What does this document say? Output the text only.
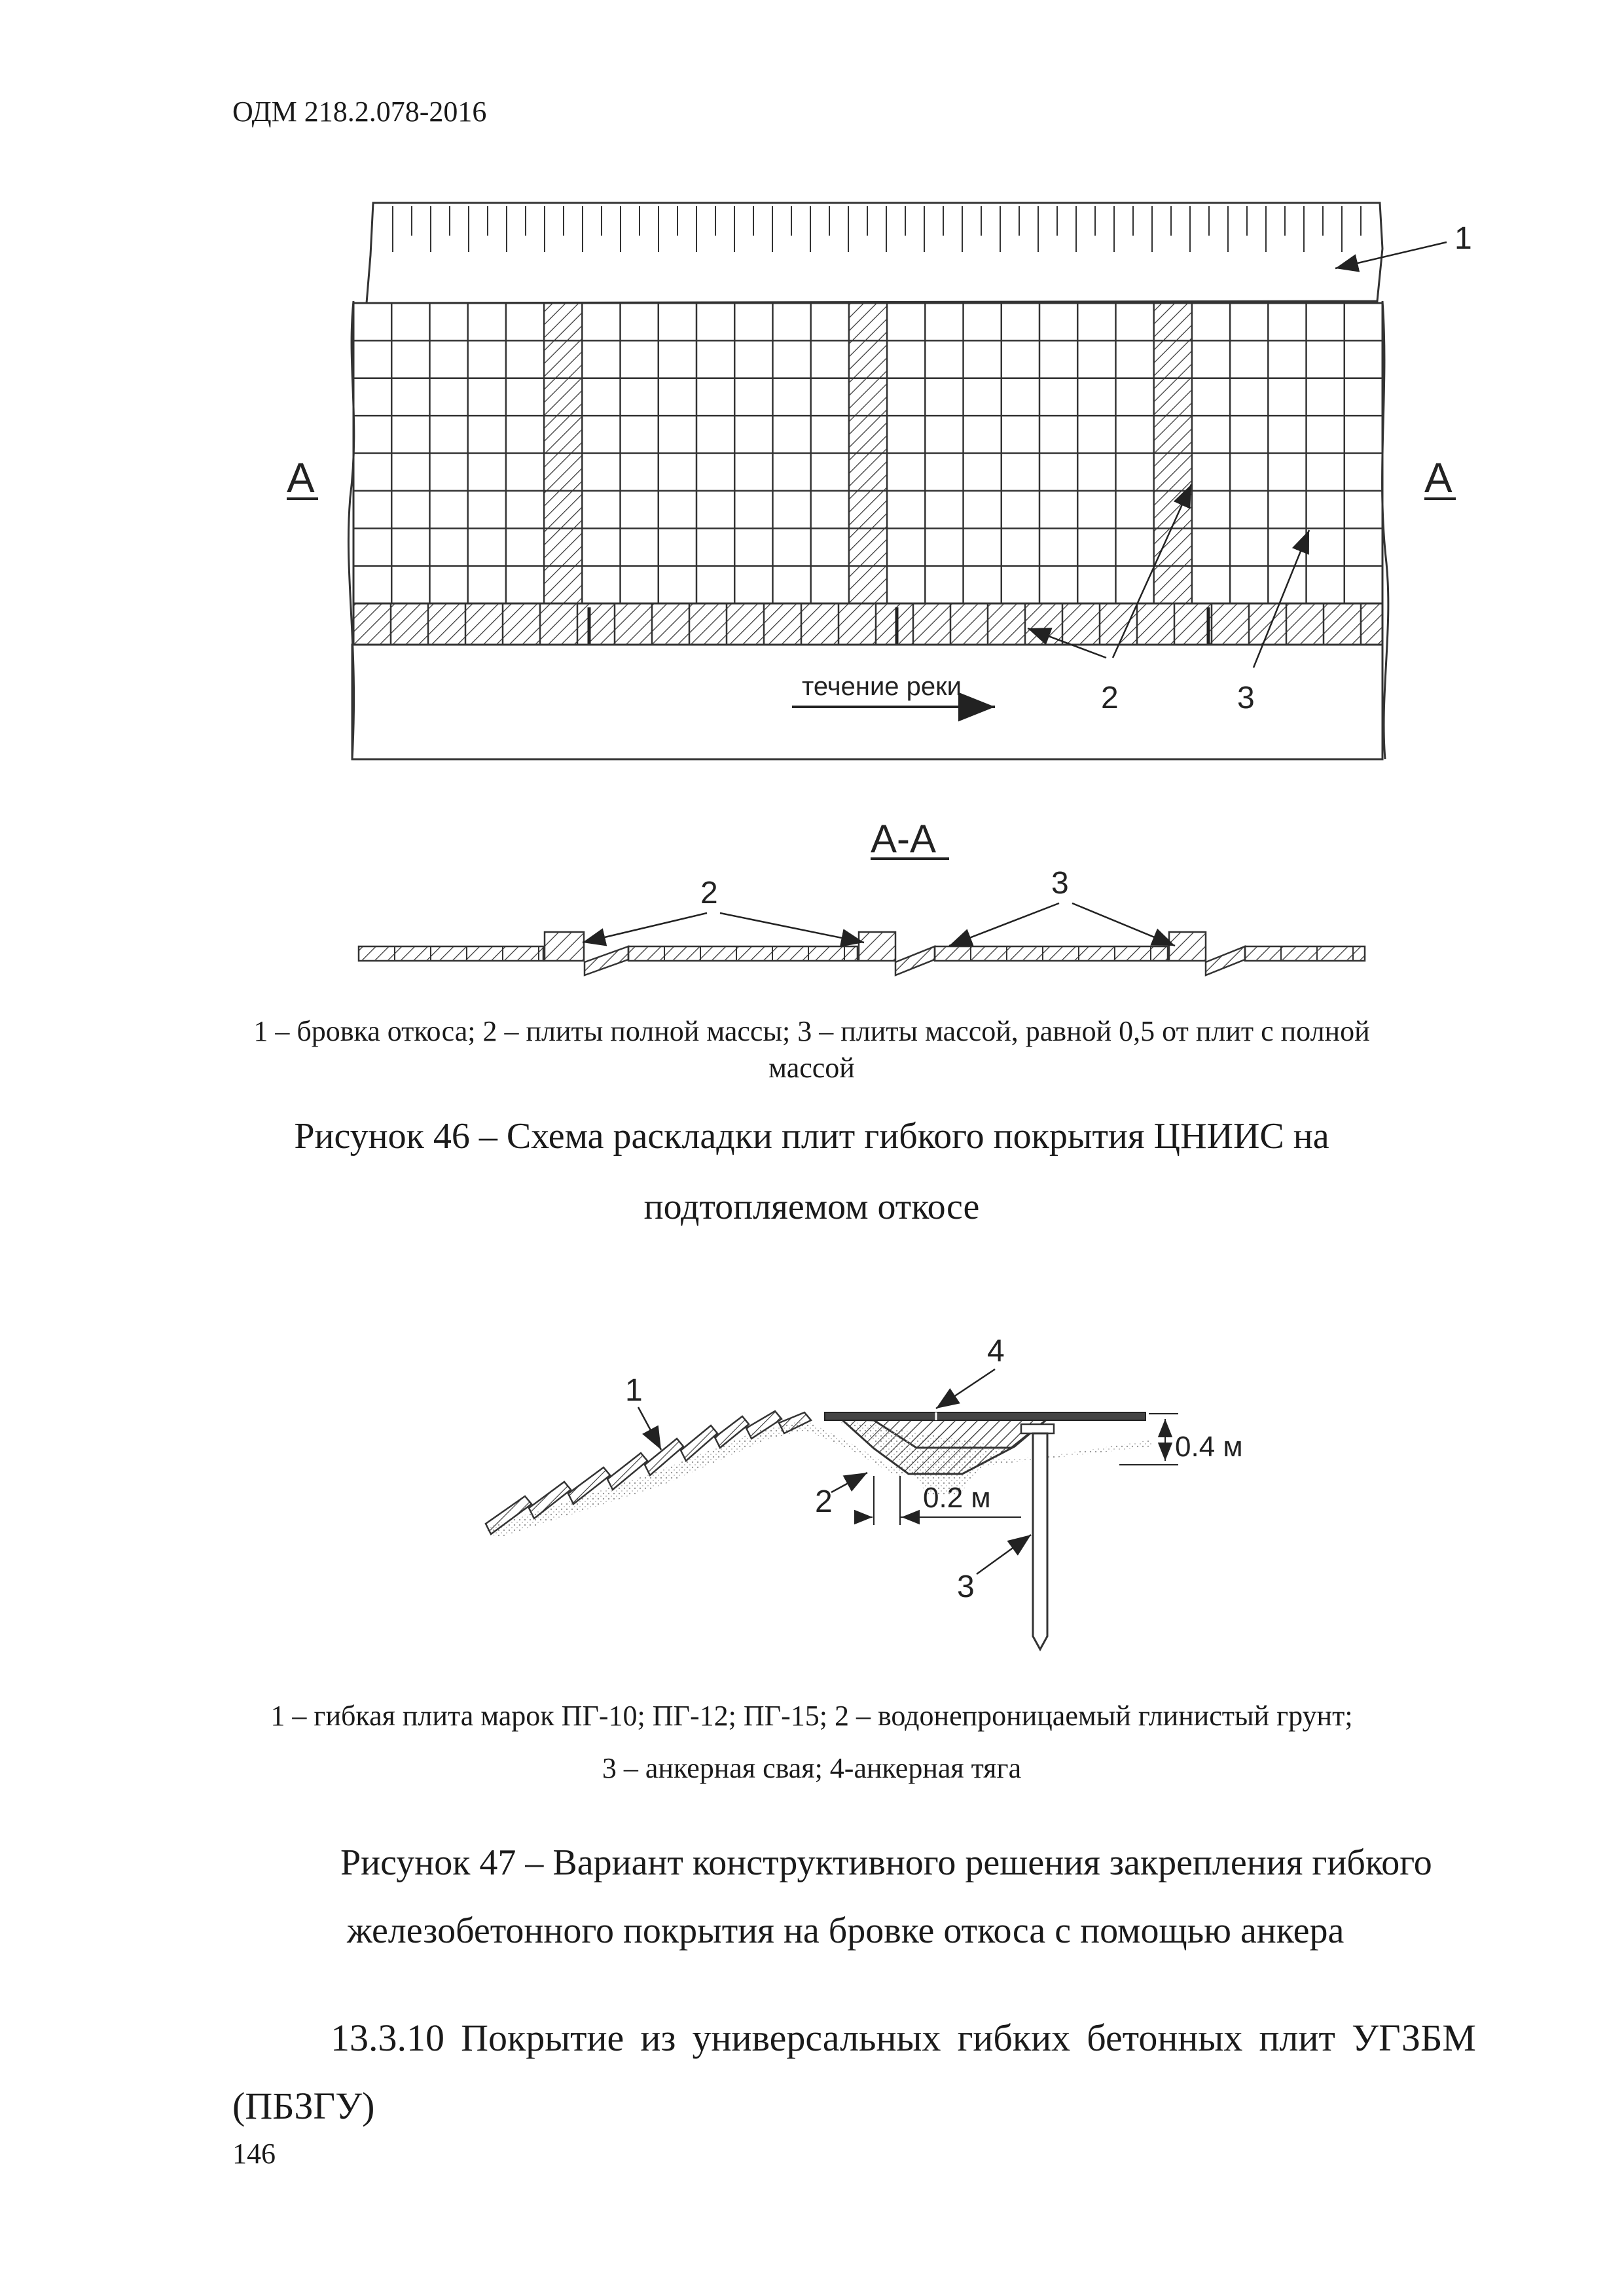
ОДМ 218.2.078-2016
течение реки
А	А
1
2	3
А-А
2	3
1 – бровка откоса; 2 – плиты полной массы; 3 – плиты массой, равной 0,5 от плит с полной
массой
Рисунок 46 – Схема раскладки плит гибкого покрытия ЦНИИС на
подтопляемом откосе
0.4 м
0.2 м
1
2
3
4
1 – гибкая плита марок ПГ-10; ПГ-12; ПГ-15; 2 – водонепроницаемый глинистый грунт;
3 – анкерная свая; 4-анкерная тяга
Рисунок 47 – Вариант конструктивного решения закрепления гибкого
железобетонного покрытия на бровке откоса с помощью анкера
13.3.10 Покрытие из универсальных гибких бетонных плит УГЗБМ
(ПБЗГУ)
146
